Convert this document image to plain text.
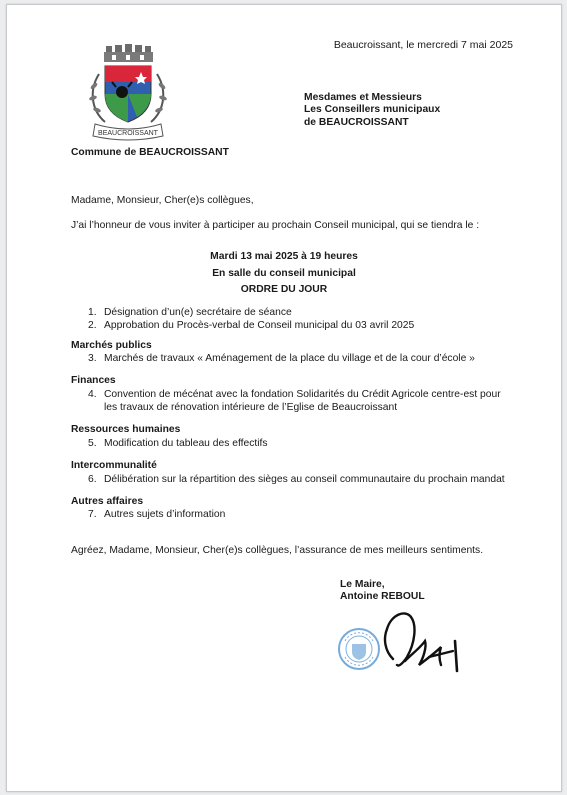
Beaucroissant, le mercredi 7 mai 2025
BEAUCROISSANT
Mesdames et Messieurs
Les Conseillers municipaux
de BEAUCROISSANT
Commune de BEAUCROISSANT
Madame, Monsieur, Cher(e)s collègues,
J’ai l’honneur de vous inviter à participer au prochain Conseil municipal, qui se tiendra le :
Mardi 13 mai 2025 à 19 heures
En salle du conseil municipal
ORDRE DU JOUR
1. Désignation d’un(e) secrétaire de séance
2. Approbation du Procès-verbal de Conseil municipal du 03 avril 2025
Marchés publics
3. Marchés de travaux « Aménagement de la place du village et de la cour d’école »
Finances
4. Convention de mécénat avec la fondation Solidarités du Crédit Agricole centre-est pour
les travaux de rénovation intérieure de l’Eglise de Beaucroissant
Ressources humaines
5. Modification du tableau des effectifs
Intercommunalité
6. Délibération sur la répartition des sièges au conseil communautaire du prochain mandat
Autres affaires
7. Autres sujets d’information
Agréez, Madame, Monsieur, Cher(e)s collègues, l’assurance de mes meilleurs sentiments.
Le Maire,
Antoine REBOUL
